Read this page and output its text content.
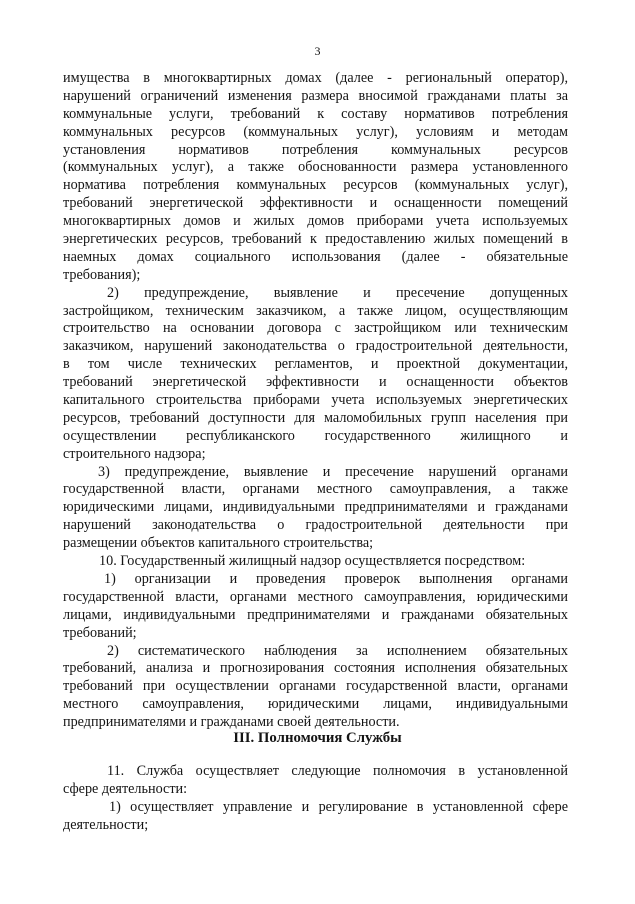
3
имущества в многоквартирных домах (далее - региональный оператор),
нарушений ограничений изменения размера вносимой гражданами платы за
коммунальные услуги, требований к составу нормативов потребления
коммунальных ресурсов (коммунальных услуг), условиям и методам
установления нормативов потребления коммунальных ресурсов
(коммунальных услуг), а также обоснованности размера установленного
норматива потребления коммунальных ресурсов (коммунальных услуг),
требований энергетической эффективности и оснащенности помещений
многоквартирных домов и жилых домов приборами учета используемых
энергетических ресурсов, требований к предоставлению жилых помещений в
наемных домах социального использования (далее - обязательные
требования);
2) предупреждение, выявление и пресечение допущенных
застройщиком, техническим заказчиком, а также лицом, осуществляющим
строительство на основании договора с застройщиком или техническим
заказчиком, нарушений законодательства о градостроительной деятельности,
в том числе технических регламентов, и проектной документации,
требований энергетической эффективности и оснащенности объектов
капитального строительства приборами учета используемых энергетических
ресурсов, требований доступности для маломобильных групп населения при
осуществлении республиканского государственного жилищного и
строительного надзора;
3) предупреждение, выявление и пресечение нарушений органами
государственной власти, органами местного самоуправления, а также
юридическими лицами, индивидуальными предпринимателями и гражданами
нарушений законодательства о градостроительной деятельности при
размещении объектов капитального строительства;
10. Государственный жилищный надзор осуществляется посредством:
1) организации и проведения проверок выполнения органами
государственной власти, органами местного самоуправления, юридическими
лицами, индивидуальными предпринимателями и гражданами обязательных
требований;
2) систематического наблюдения за исполнением обязательных
требований, анализа и прогнозирования состояния исполнения обязательных
требований при осуществлении органами государственной власти, органами
местного самоуправления, юридическими лицами, индивидуальными
предпринимателями и гражданами своей деятельности.
III. Полномочия Службы
11. Служба осуществляет следующие полномочия в установленной
сфере деятельности:
1) осуществляет управление и регулирование в установленной сфере
деятельности;
